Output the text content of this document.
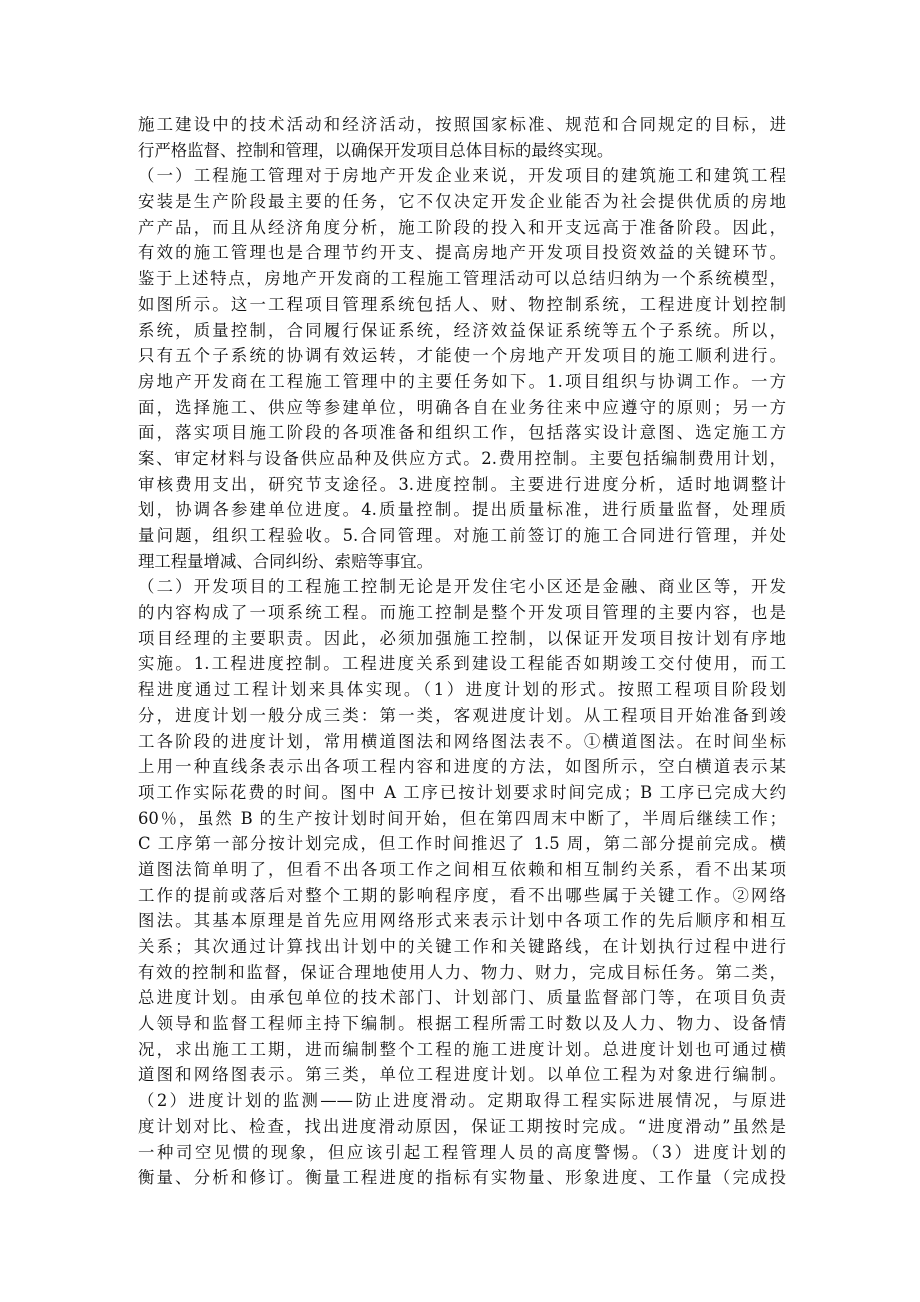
施工建设中的技术活动和经济活动，按照国家标准、规范和合同规定的目标，进
行严格监督、控制和管理，以确保开发项目总体目标的最终实现。
（一）工程施工管理对于房地产开发企业来说，开发项目的建筑施工和建筑工程
安装是生产阶段最主要的任务，它不仅决定开发企业能否为社会提供优质的房地
产产品，而且从经济角度分析，施工阶段的投入和开支远高于准备阶段。因此，
有效的施工管理也是合理节约开支、提高房地产开发项目投资效益的关键环节。
鉴于上述特点，房地产开发商的工程施工管理活动可以总结归纳为一个系统模型，
如图所示。这一工程项目管理系统包括人、财、物控制系统，工程进度计划控制
系统，质量控制，合同履行保证系统，经济效益保证系统等五个子系统。所以，
只有五个子系统的协调有效运转，才能使一个房地产开发项目的施工顺利进行。
房地产开发商在工程施工管理中的主要任务如下。1.项目组织与协调工作。一方
面，选择施工、供应等参建单位，明确各自在业务往来中应遵守的原则；另一方
面，落实项目施工阶段的各项准备和组织工作，包括落实设计意图、选定施工方
案、审定材料与设备供应品种及供应方式。2.费用控制。主要包括编制费用计划，
审核费用支出，研究节支途径。3.进度控制。主要进行进度分析，适时地调整计
划，协调各参建单位进度。4.质量控制。提出质量标准，进行质量监督，处理质
量问题，组织工程验收。5.合同管理。对施工前签订的施工合同进行管理，并处
理工程量增减、合同纠纷、索赔等事宜。
（二）开发项目的工程施工控制无论是开发住宅小区还是金融、商业区等，开发
的内容构成了一项系统工程。而施工控制是整个开发项目管理的主要内容，也是
项目经理的主要职责。因此，必须加强施工控制，以保证开发项目按计划有序地
实施。1.工程进度控制。工程进度关系到建设工程能否如期竣工交付使用，而工
程进度通过工程计划来具体实现。（1）进度计划的形式。按照工程项目阶段划
分，进度计划一般分成三类：第一类，客观进度计划。从工程项目开始准备到竣
工各阶段的进度计划，常用横道图法和网络图法表不。①横道图法。在时间坐标
上用一种直线条表示出各项工程内容和进度的方法，如图所示，空白横道表示某
项工作实际花费的时间。图中 A 工序已按计划要求时间完成；B 工序已完成大约
60％，虽然 B 的生产按计划时间开始，但在第四周末中断了，半周后继续工作；
C 工序第一部分按计划完成，但工作时间推迟了 1.5 周，第二部分提前完成。横
道图法简单明了，但看不出各项工作之间相互依赖和相互制约关系，看不出某项
工作的提前或落后对整个工期的影响程序度，看不出哪些属于关键工作。②网络
图法。其基本原理是首先应用网络形式来表示计划中各项工作的先后顺序和相互
关系；其次通过计算找出计划中的关键工作和关键路线，在计划执行过程中进行
有效的控制和监督，保证合理地使用人力、物力、财力，完成目标任务。第二类，
总进度计划。由承包单位的技术部门、计划部门、质量监督部门等，在项目负责
人领导和监督工程师主持下编制。根据工程所需工时数以及人力、物力、设备情
况，求出施工工期，进而编制整个工程的施工进度计划。总进度计划也可通过横
道图和网络图表示。第三类，单位工程进度计划。以单位工程为对象进行编制。
（2）进度计划的监测——防止进度滑动。定期取得工程实际进展情况，与原进
度计划对比、检查，找出进度滑动原因，保证工期按时完成。“进度滑动”虽然是
一种司空见惯的现象，但应该引起工程管理人员的高度警惕。（3）进度计划的
衡量、分析和修订。衡量工程进度的指标有实物量、形象进度、工作量（完成投
